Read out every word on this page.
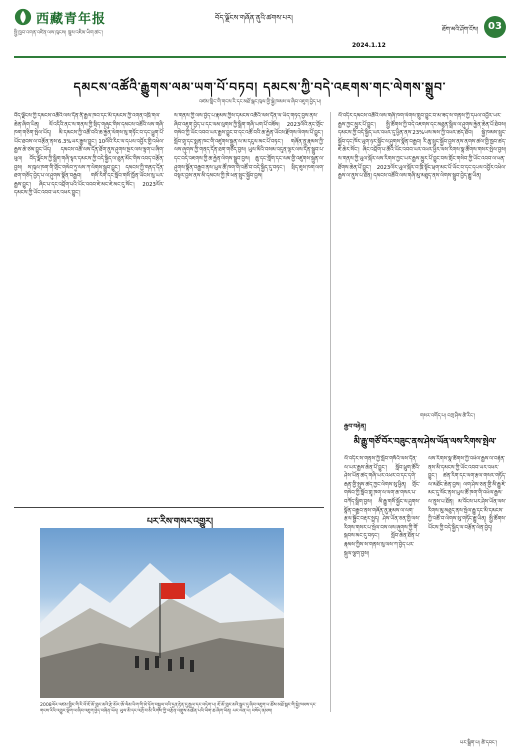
西藏青年报
སྤྱི་ཁྱབ་འགན་འཛིན་ལས་ཁུངས། ཁྲུས་འཇིམ་ཡིག་ཚང་།
བོད་ལྗོངས་གཞོན་ནུའི་ཚགས་པར།
2024.1.12
ཐོག་མའི་ཤོག་ངོས། 03
དམངས་འཚོའི་རྒྱུགས་ལམ་ཡག་པོ་བཏབ། དམངས་ཀྱི་བདེ་འཇགས་གང་ལེགས་སྒྲུབ་
འཛམ་གླིང་གི་གངས་རི་དང་མཐོ་སྒང་ཁུལ་གྱི་སྐྱེ་ཁམས་ལ་ཞིབ་འཇུག་བྱེད་པ།
བོད་ལྗོངས་ཀྱི་དམངས་འཚོའི་ལས་དོན་ནི་རྒྱལ་ཁབ་དང་མི་དམངས་ཀྱི་འགན་འཁྲི་གལ་ཆེན་ཞིག་ཡིན། ལོ་འདིའི་ནང་ས་གནས་ཀྱི་སྲིད་གཞུང་གིས་དམངས་འཚོའི་ལས་གཞི་ཁག་གཅིག་སྤེལ་ཡོད། མི་དམངས་ཀྱི་འཚོ་བའི་ཆ་རྐྱེན་ལེགས་སུ་གཏོང་བ་དང་ཕྱུག་པོ་ཡོང་ཐབས་ལ་བརྩོན་ནས་6.3%ཡར་རྒྱས་བྱུང་། 10ལོའི་རིང་ལ་དཔལ་འབྱོར་གྱི་འཕེལ་རྒྱས་ཆེ་ཙམ་བྱུང་ཡོད། དམངས་འཚོ་ལས་དོན་ཐོག་ནུས་ཤུགས་སྔར་ལས་ལྷག་པ་ཞིག་ཕུལ། བོད་ལྗོངས་ཀྱི་སྒྲིག་གཞི་ལྟར་དམངས་ཀྱི་བདེ་སྐྱིད་ལ་ཐུན་མོང་གིས་འབད་བརྩོན་བྱས། ས་ཁུལ་ཁག་གི་གྲོང་གསེབ་ཏུ་ལས་ཀ་ལེགས་སྒྲུབ་བྱུང་། དམངས་ཀྱི་གནད་དོན་ཐག་གཅོད་བྱེད་པ་ལ་ཤུགས་སྣོན་བརྒྱབ། གསོ་རིག་དང་སློབ་གསོ་ཁྱོན་ཡོངས་སུ་ཡར་རྒྱས་བྱུང་། ཞིང་པ་དང་འབྲོག་པའི་ཡོང་འབབ་ཇེ་མང་ཇེ་མང་དུ་སོང་། 2023ལོར་དམངས་ཀྱི་ཡོང་འབབ་ཡར་འཕར་བྱུང་།
ས་གནས་ཀྱི་ལས་བྱེད་པ་རྣམས་ཀྱིས་དམངས་འཚོའི་ལས་དོན་ལ་ཡིད་གཏད་བྱས་ནས་ཞིབ་འཇུག་བྱེད་པ་དང་ལམ་ལུགས་ཀྱི་སྒྲིག་གཞི་ཡག་པོ་བཟོས། 2023ལོའི་ནང་གྲོང་གསེབ་ཀྱི་ཡོང་འབབ་ཡར་རྒྱས་བྱུང་བ་དང་འཚོ་བའི་ཆ་རྐྱེན་ཡོངས་རྫོགས་ལེགས་པོ་བྱུང་། སློབ་གྲྭ་དང་སྨན་ཁང་གི་འཛུགས་སྐྲུན་ལ་མ་དངུལ་མང་པོ་བཏང་། གཞོན་ནུ་རྣམས་ཀྱི་ལས་ཞུགས་ཀྱི་གནད་དོན་ཐག་གཅོད་བྱས། ཡུལ་མིའི་བསམ་འདུན་ལྟར་ལས་དོན་སྒྲུབ་པ་དང་བདེ་འཇགས་ཀྱི་ཆ་རྐྱེན་ལེགས་སྒྲུབ་བྱས། ཆུ་དང་གློག་དང་ལམ་གྱི་འཛུགས་སྐྲུན་ལ་ཤུགས་སྣོན་བརྒྱབ་ནས་ཡུལ་ཚོ་ཁག་གི་འཚོ་བ་བདེ་སྐྱིད་དུ་བཏང་། སྲིད་ཇུས་ཁག་ལག་བསྟར་བྱས་ནས་མི་དམངས་ཀྱི་ཁེ་ཕན་སྲུང་སྐྱོབ་བྱས།
ལོ་འདིར་དམངས་འཚོའི་ལས་གཞི་ཁག་ལེགས་གྲུབ་བྱུང་བ་མ་ཟད་ས་གནས་ཀྱི་དཔལ་འབྱོར་ཡར་རྒྱས་ཀྱང་མྱུར་པོ་བྱུང་། སྤྱི་ཚོགས་ཀྱི་བདེ་འཇགས་དང་མཐུན་སྒྲིལ་ལ་ཤུགས་རྐྱེན་ཆེན་པོ་ཐེབས། དམངས་ཀྱི་བདེ་སྐྱིད་ཡར་འཕར་དུ་ཕྱིན་ནས་23%ཡས་མས་ཀྱི་འཕར་ཚད་ཐོབ། སྐྱེ་ཁམས་སྲུང་སྐྱོབ་དང་ཁོར་ཡུག་ཉར་སྐྱོང་ལ་ཤུགས་སྣོན་བརྒྱབ། རི་ཆུ་སྲུང་སྐྱོབ་བྱས་ནས་ནགས་ཚལ་གྱི་ཁྱབ་ཚད་ཇེ་ཆེར་སོང་། ཞིང་འབྲོག་པ་ཚོའི་ཡོང་འབབ་ཡར་འཕར་ཕྱིར་ལས་རིགས་སྣ་ཚོགས་གསར་སྤེལ་བྱས། ས་གནས་ཀྱི་ཡུལ་སྐོར་ལས་རིགས་ཀྱང་ཡར་རྒྱས་མྱུར་པོ་བྱུང་བས་གྲོང་གསེབ་ཀྱི་ཡོང་འབབ་ལ་ཕན་ཐོགས་ཆེན་པོ་བྱུང་། 2023ལོར་ཡུལ་སྐོར་བ་ཁྲི་སྟོང་ཕྲག་མང་པོ་ཡོང་བ་དང་དཔལ་འབྱོར་འཕེལ་རྒྱས་ལ་ནུས་པ་ཐོན། དམངས་འཚོའི་ལས་གཞི་མུ་མཐུད་ནས་ལེགས་སྒྲུབ་བྱེད་རྒྱུ་ཡིན།
གསར་འགོད་པ། བཀྲ་ཤིས་ཚེ་རིང་།
པར་རིས་གསར་འགྱུར།
2008ལོར་འཛམ་གླིང་གི་རི་བོ་ཇོ་མོ་གླང་མའི་རྩེ་མོར་ཨོ་ལིམ་པིག་གི་མེ་ཏོག་བསྐྱལ་བའི་དྲན་རྟེན་དུ་རྒྱལ་དར་བཏེག་པ། ཇོ་མོ་གླང་མའི་སྒང་དུ་ཞིབ་འཇུག་པ་ཚོས་མཐོ་སྒང་གི་སྐྱེ་ཁམས་དང་གངས་རིའི་འགྱུར་ལྡོག་ལ་ཞིབ་འཇུག་བྱེད་བཞིན་ཡོད། ཡུལ་མི་དང་འགྲོ་བ་མི་རིགས་ཀྱི་བརྩོན་འགྲུས་མཚོན་པའི་ཡིག་ཆ་ཞིག་ཡིན། པར་ལེན་པ། བསོད་ནམས།
རྒྱབ་བརྟེན།
མི་རྒྱུ་གཙོ་བོར་བཟུང་ནས་ཤེས་ཡོན་ལས་རིགས་སྤེལ་
ལོ་འདིར་ས་གནས་ཀྱི་སློབ་གསོའི་ལས་དོན་ལ་ཡར་རྒྱས་ཆེན་པོ་བྱུང་། སློབ་ཕྲུག་ཚོའི་ཤེས་ཡོན་ཚད་གཞི་ཡར་འཕར་བ་དང་དགེ་རྒན་གྱི་སྤུས་ཚད་ཀྱང་ལེགས་སུ་ཕྱིན། གྲོང་གསེབ་ཀྱི་སློབ་གྲྭ་ཁག་ལ་ལག་ཆ་གསར་པ་བཀོད་སྒྲིག་བྱས། མི་རྒྱུ་གསོ་སྐྱོང་ལ་ཤུགས་སྣོན་བརྒྱབ་ནས་གཞོན་ནུ་རྣམས་ལ་ལག་རྩལ་སྦྱོང་བརྡར་སྤྲད། ཤེས་ཡོན་ཅན་གྱི་ལས་རིགས་གསར་པ་སྤེལ་བས་ལས་ཞུགས་ཀྱི་གོ་སྐབས་མང་དུ་བཏང་། སློབ་ཆེན་ཐོན་པ་རྣམས་ཀྱིས་ས་གནས་སུ་ལས་ཀ་བྱེད་པར་སྐུལ་ལྕག་བྱས།
ལས་རིགས་སྣ་ཚོགས་ཀྱི་འཕེལ་རྒྱས་ལ་བརྟེན་ནས་མི་དམངས་ཀྱི་ཡོང་འབབ་ཡར་འཕར་བྱུང་། ཚན་རིག་དང་ལག་རྩལ་གསར་གཏོད་ལ་མཐོང་ཆེན་བྱས། ལག་ཤེས་ཅན་གྱི་མི་རྒྱུ་ཇེ་མང་དུ་སོང་ནས་ཡུལ་ཚོ་ཁག་གི་འཕེལ་རྒྱས་ལ་ནུས་པ་ཐོན། མ་འོངས་པར་ཤེས་ཡོན་ལས་རིགས་མུ་མཐུད་ནས་སྤེལ་རྒྱུ་དང་མི་དམངས་ཀྱི་འཚོ་བ་ལེགས་སུ་གཏོང་རྒྱུ་ཡིན། སྤྱི་ཚོགས་ཡོངས་ཀྱི་བདེ་སྐྱིད་ལ་བརྩོན་ལེན་བྱེད།
པར་སྒྲིག་པ། ཚེ་དབང་།
